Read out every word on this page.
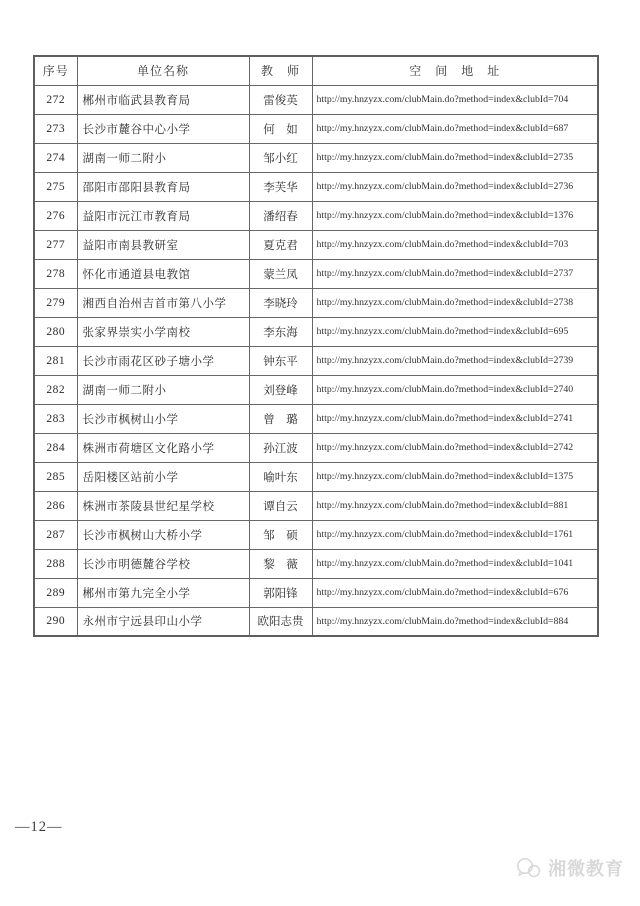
序号	单位名称	教　师	空　间　地　址
272	郴州市临武县教育局	雷俊英	http://my.hnzyzx.com/clubMain.do?method=index&clubId=704
273	长沙市麓谷中心小学	何　如	http://my.hnzyzx.com/clubMain.do?method=index&clubId=687
274	湖南一师二附小	邹小红	http://my.hnzyzx.com/clubMain.do?method=index&clubId=2735
275	邵阳市邵阳县教育局	李芙华	http://my.hnzyzx.com/clubMain.do?method=index&clubId=2736
276	益阳市沅江市教育局	潘绍春	http://my.hnzyzx.com/clubMain.do?method=index&clubId=1376
277	益阳市南县教研室	夏克君	http://my.hnzyzx.com/clubMain.do?method=index&clubId=703
278	怀化市通道县电教馆	蒙兰凤	http://my.hnzyzx.com/clubMain.do?method=index&clubId=2737
279	湘西自治州吉首市第八小学	李晓玲	http://my.hnzyzx.com/clubMain.do?method=index&clubId=2738
280	张家界崇实小学南校	李东海	http://my.hnzyzx.com/clubMain.do?method=index&clubId=695
281	长沙市雨花区砂子塘小学	钟东平	http://my.hnzyzx.com/clubMain.do?method=index&clubId=2739
282	湖南一师二附小	刘登峰	http://my.hnzyzx.com/clubMain.do?method=index&clubId=2740
283	长沙市枫树山小学	曾　璐	http://my.hnzyzx.com/clubMain.do?method=index&clubId=2741
284	株洲市荷塘区文化路小学	孙江波	http://my.hnzyzx.com/clubMain.do?method=index&clubId=2742
285	岳阳楼区站前小学	喻叶东	http://my.hnzyzx.com/clubMain.do?method=index&clubId=1375
286	株洲市茶陵县世纪星学校	谭自云	http://my.hnzyzx.com/clubMain.do?method=index&clubId=881
287	长沙市枫树山大桥小学	邹　硕	http://my.hnzyzx.com/clubMain.do?method=index&clubId=1761
288	长沙市明德麓谷学校	黎　薇	http://my.hnzyzx.com/clubMain.do?method=index&clubId=1041
289	郴州市第九完全小学	郭阳锋	http://my.hnzyzx.com/clubMain.do?method=index&clubId=676
290	永州市宁远县印山小学	欧阳志贵	http://my.hnzyzx.com/clubMain.do?method=index&clubId=884
—12—
湘微教育
